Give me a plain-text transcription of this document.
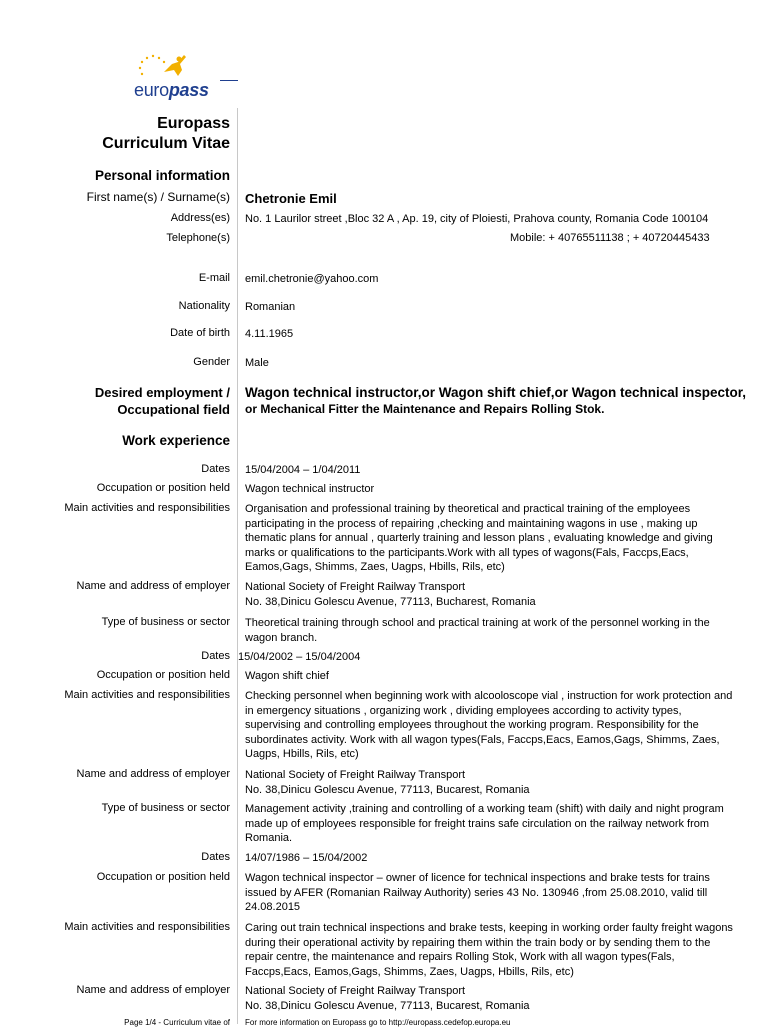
europass
Europass
Curriculum Vitae
Personal information
First name(s) / Surname(s) Chetronie Emil
Address(es) No. 1 Laurilor street ,Bloc 32 A , Ap. 19, city of Ploiesti, Prahova county, Romania Code 100104
Telephone(s)	Mobile: + 40765511138 ; + 40720445433
E-mail emil.chetronie@yahoo.com
Nationality Romanian
Date of birth 4.11.1965
Gender Male
Desired employment /
Occupational field
Wagon technical instructor,or Wagon shift chief,or Wagon technical inspector,
or Mechanical Fitter the Maintenance and Repairs Rolling Stok.
Work experience
Dates 15/04/2004 – 1/04/2011
Occupation or position held Wagon technical instructor
Main activities and responsibilities Organisation and professional training by theoretical and practical training of the employees participating in the process of repairing ,checking and maintaining wagons in use , making up thematic plans for annual , quarterly training and lesson plans , evaluating knowledge and giving marks or qualifications to the participants.Work with all types of wagons(Fals, Faccps,Eacs, Eamos,Gags, Shimms, Zaes, Uagps, Hbills, Rils, etc)
Name and address of employer National Society of Freight Railway Transport
No. 38,Dinicu Golescu Avenue, 77113, Bucharest, Romania
Type of business or sector Theoretical training through school and practical training at work of the personnel working in the wagon branch.
Dates 15/04/2002 – 15/04/2004
Occupation or position held Wagon shift chief
Main activities and responsibilities Checking personnel when beginning work with alcooloscope vial , instruction for work protection and in emergency situations , organizing work , dividing employees according to activity types, supervising and controlling employees throughout the working program. Responsibility for the subordinates activity. Work with all wagon types(Fals, Faccps,Eacs, Eamos,Gags, Shimms, Zaes, Uagps, Hbills, Rils, etc)
Name and address of employer National Society of Freight Railway Transport
No. 38,Dinicu Golescu Avenue, 77113, Bucarest, Romania
Type of business or sector Management activity ,training and controlling of a working team (shift) with daily and night program made up of employees responsible for freight trains safe circulation on the railway network from Romania.
Dates 14/07/1986 – 15/04/2002
Occupation or position held Wagon technical inspector – owner of licence for technical inspections and brake tests for trains issued by AFER (Romanian Railway Authority) series 43 No. 130946 ,from 25.08.2010, valid till 24.08.2015
Main activities and responsibilities Caring out train technical inspections and brake tests, keeping in working order faulty freight wagons during their operational activity by repairing them within the train body or by sending them to the repair centre, the maintenance and repairs Rolling Stok, Work with all wagon types(Fals, Faccps,Eacs, Eamos,Gags, Shimms, Zaes, Uagps, Hbills, Rils, etc)
Name and address of employer National Society of Freight Railway Transport
No. 38,Dinicu Golescu Avenue, 77113, Bucarest, Romania
Page 1/4 - Curriculum vitae of For more information on Europass go to http://europass.cedefop.europa.eu
